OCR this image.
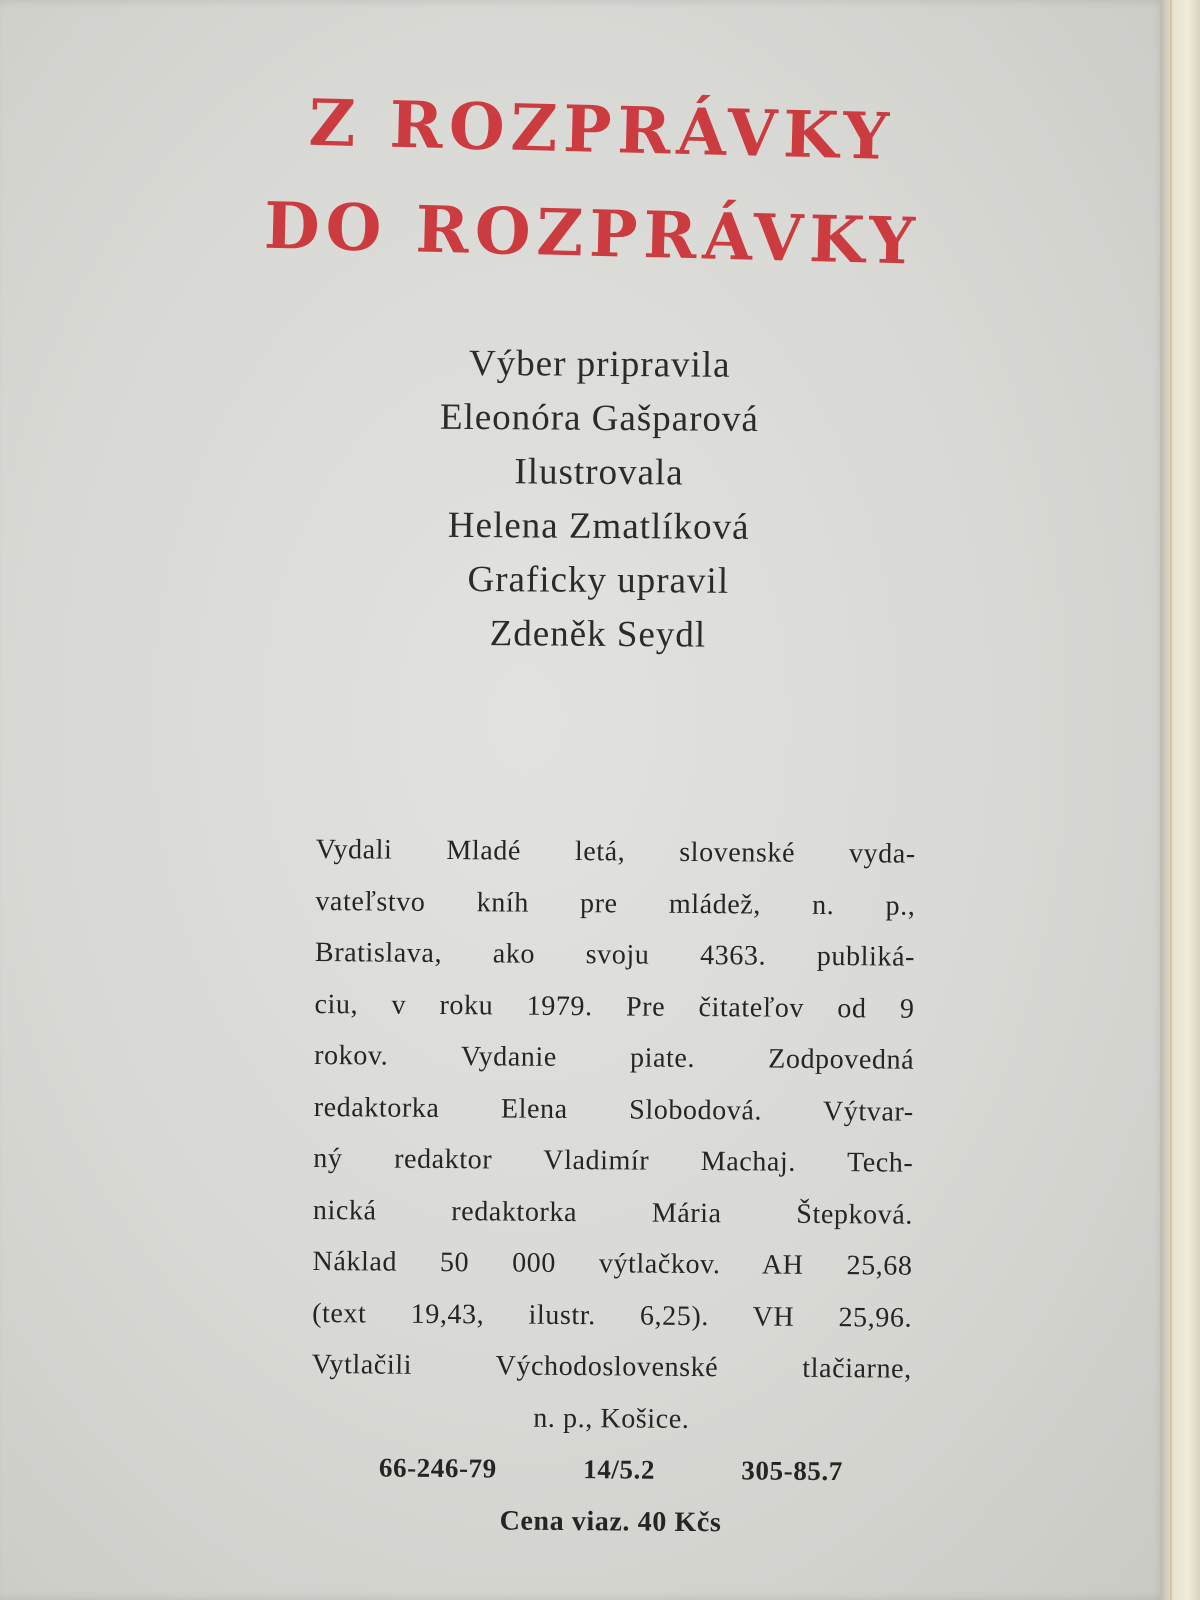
Z ROZPRÁVKY
DO ROZPRÁVKY
Výber pripravila
Eleonóra Gašparová
Ilustrovala
Helena Zmatlíková
Graficky upravil
Zdeněk Seydl
Vydali Mladé letá, slovenské vyda-
vateľstvo kníh pre mládež, n. p.,
Bratislava, ako svoju 4363. publiká-
ciu, v roku 1979. Pre čitateľov od 9
rokov. Vydanie piate. Zodpovedná
redaktorka Elena Slobodová. Výtvar-
ný redaktor Vladimír Machaj. Tech-
nická redaktorka Mária Štepková.
Náklad 50 000 výtlačkov. AH 25,68
(text 19,43, ilustr. 6,25). VH 25,96.
Vytlačili Východoslovenské tlačiarne,
n. p., Košice.
66-246-79	14/5.2	305-85.7
Cena viaz. 40 Kčs
